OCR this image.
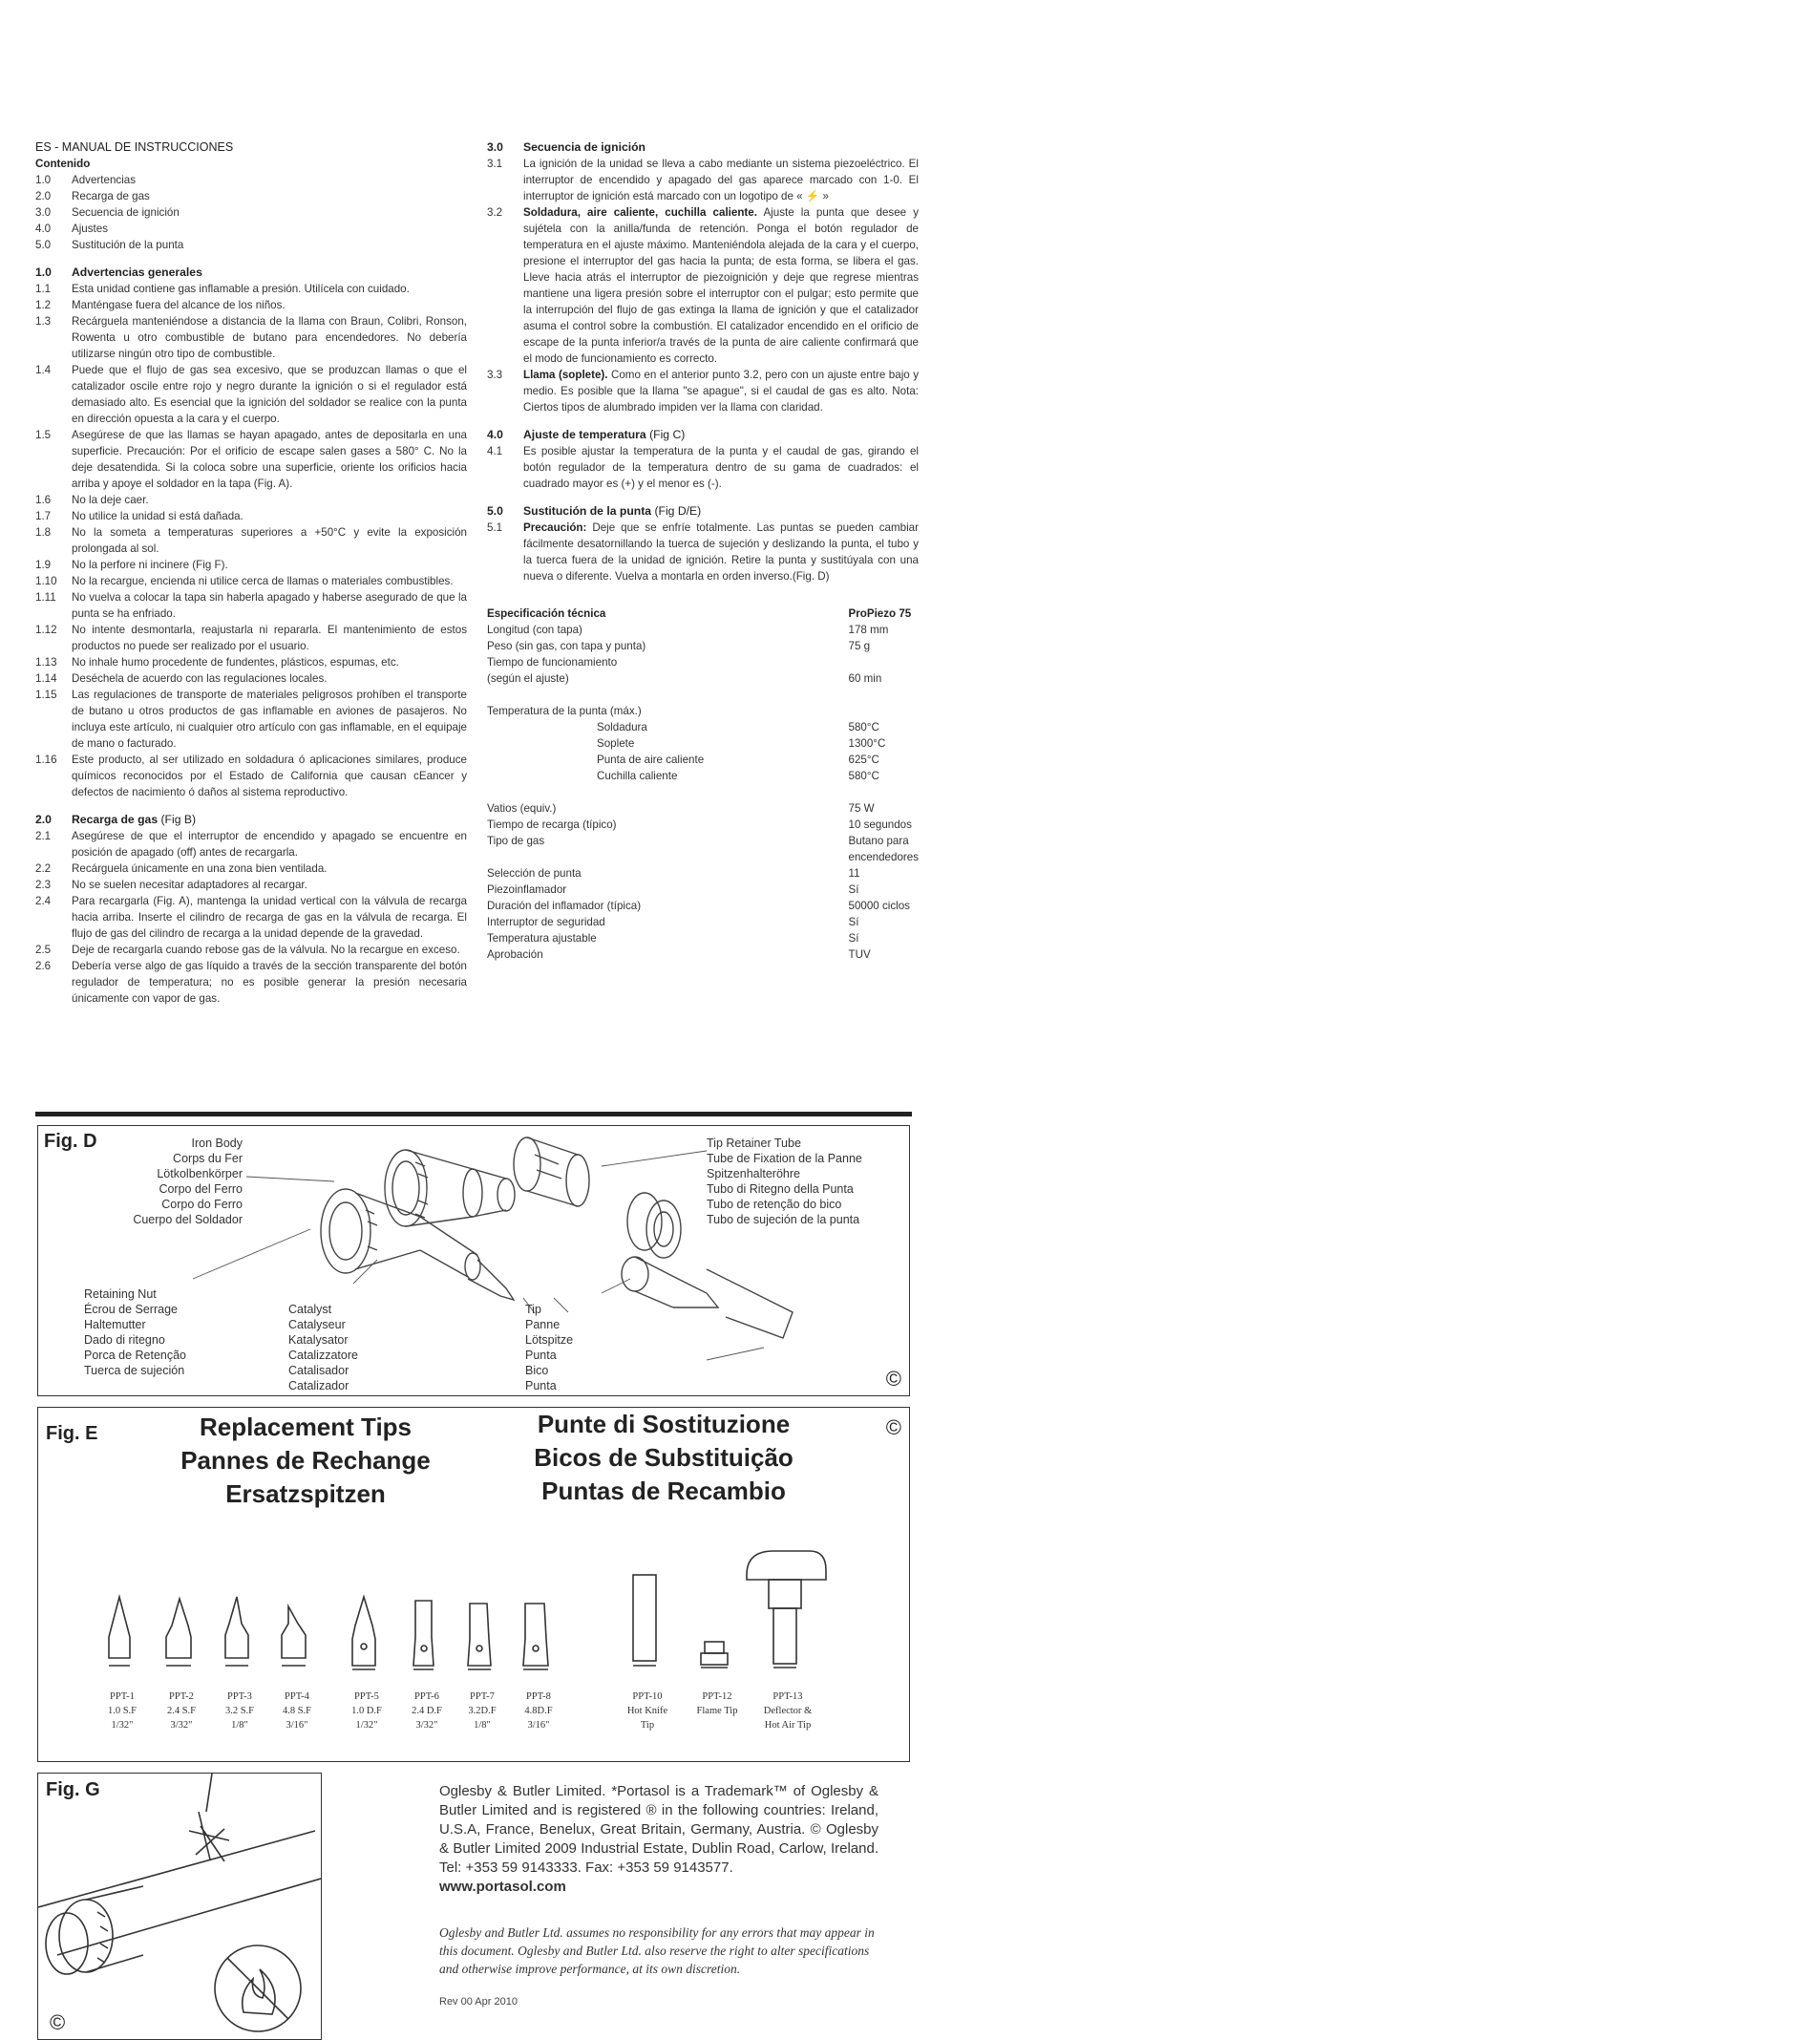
ES - MANUAL DE INSTRUCCIONES
Contenido
1.0 Advertencias
2.0 Recarga de gas
3.0 Secuencia de ignición
4.0 Ajustes
5.0 Sustitución de la punta
1.0 Advertencias generales
1.1 Esta unidad contiene gas inflamable a presión. Utilícela con cuidado.
1.2 Manténgase fuera del alcance de los niños.
1.3 Recárguela manteniéndose a distancia de la llama con Braun, Colibri, Ronson, Rowenta u otro combustible de butano para encendedores. No debería utilizarse ningún otro tipo de combustible.
1.4 Puede que el flujo de gas sea excesivo, que se produzcan llamas o que el catalizador oscile entre rojo y negro durante la ignición o si el regulador está demasiado alto. Es esencial que la ignición del soldador se realice con la punta en dirección opuesta a la cara y el cuerpo.
1.5 Asegúrese de que las llamas se hayan apagado, antes de depositarla en una superficie. Precaución: Por el orificio de escape salen gases a 580° C. No la deje desatendida. Si la coloca sobre una superficie, oriente los orificios hacia arriba y apoye el soldador en la tapa (Fig. A).
1.6 No la deje caer.
1.7 No utilice la unidad si está dañada.
1.8 No la someta a temperaturas superiores a +50°C y evite la exposición prolongada al sol.
1.9 No la perfore ni incinere (Fig F).
1.10 No la recargue, encienda ni utilice cerca de llamas o materiales combustibles.
1.11 No vuelva a colocar la tapa sin haberla apagado y haberse asegurado de que la punta se ha enfriado.
1.12 No intente desmontarla, reajustarla ni repararla. El mantenimiento de estos productos no puede ser realizado por el usuario.
1.13 No inhale humo procedente de fundentes, plásticos, espumas, etc.
1.14 Deséchela de acuerdo con las regulaciones locales.
1.15 Las regulaciones de transporte de materiales peligrosos prohíben el transporte de butano u otros productos de gas inflamable en aviones de pasajeros. No incluya este artículo, ni cualquier otro artículo con gas inflamable, en el equipaje de mano o facturado.
1.16 Este producto, al ser utilizado en soldadura ó aplicaciones similares, produce químicos reconocidos por el Estado de California que causan cEancer y defectos de nacimiento ó daños al sistema reproductivo.
2.0 Recarga de gas (Fig B)
2.1 Asegúrese de que el interruptor de encendido y apagado se encuentre en posición de apagado (off) antes de recargarla.
2.2 Recárguela únicamente en una zona bien ventilada.
2.3 No se suelen necesitar adaptadores al recargar.
2.4 Para recargarla (Fig. A), mantenga la unidad vertical con la válvula de recarga hacia arriba. Inserte el cilindro de recarga de gas en la válvula de recarga. El flujo de gas del cilindro de recarga a la unidad depende de la gravedad.
2.5 Deje de recargarla cuando rebose gas de la válvula. No la recargue en exceso.
2.6 Debería verse algo de gas líquido a través de la sección transparente del botón regulador de temperatura; no es posible generar la presión necesaria únicamente con vapor de gas.
3.0 Secuencia de ignición
3.1 La ignición de la unidad se lleva a cabo mediante un sistema piezoeléctrico. El interruptor de encendido y apagado del gas aparece marcado con 1-0. El interruptor de ignición está marcado con un logotipo de « ⚡ »
3.2 Soldadura, aire caliente, cuchilla caliente. Ajuste la punta que desee y sujétela con la anilla/funda de retención. Ponga el botón regulador de temperatura en el ajuste máximo. Manteniéndola alejada de la cara y el cuerpo, presione el interruptor del gas hacia la punta; de esta forma, se libera el gas. Lleve hacia atrás el interruptor de piezoignición y deje que regrese mientras mantiene una ligera presión sobre el interruptor con el pulgar; esto permite que la interrupción del flujo de gas extinga la llama de ignición y que el catalizador asuma el control sobre la combustión. El catalizador encendido en el orificio de escape de la punta inferior/a través de la punta de aire caliente confirmará que el modo de funcionamiento es correcto.
3.3 Llama (soplete). Como en el anterior punto 3.2, pero con un ajuste entre bajo y medio. Es posible que la llama "se apague", si el caudal de gas es alto. Nota: Ciertos tipos de alumbrado impiden ver la llama con claridad.
4.0 Ajuste de temperatura (Fig C)
4.1 Es posible ajustar la temperatura de la punta y el caudal de gas, girando el botón regulador de la temperatura dentro de su gama de cuadrados: el cuadrado mayor es (+) y el menor es (-).
5.0 Sustitución de la punta (Fig D/E)
5.1 Precaución: Deje que se enfríe totalmente. Las puntas se pueden cambiar fácilmente desatornillando la tuerca de sujeción y deslizando la punta, el tubo y la tuerca fuera de la unidad de ignición. Retire la punta y sustitúyala con una nueva o diferente. Vuelva a montarla en orden inverso.(Fig. D)
Especificación técnica	ProPiezo 75
Longitud (con tapa)	178 mm
Peso (sin gas, con tapa y punta)	75 g
Tiempo de funcionamiento	
(según el ajuste)	60 min

Temperatura de la punta (máx.)	
Soldadura	580°C
Soplete	1300°C
Punta de aire caliente	625°C
Cuchilla caliente	580°C

Vatios (equiv.)	75 W
Tiempo de recarga (típico)	10 segundos
Tipo de gas	Butano para encendedores
Selección de punta	11
Piezoinflamador	Sí
Duración del inflamador (típica)	50000 ciclos
Interruptor de seguridad	Sí
Temperatura ajustable	Sí
Aprobación	TUV
Fig. D	Iron Body
Corps du Fer
Lötkolbenkörper
Corpo del Ferro
Corpo do Ferro
Cuerpo del Soldador
Tip Retainer Tube
Tube de Fixation de la Panne
Spitzenhalteröhre
Tubo di Ritegno della Punta
Tubo de retenção do bico
Tubo de sujeción de la punta
Retaining Nut
Écrou de Serrage
Haltemutter
Dado di ritegno
Porca de Retenção
Tuerca de sujeción
Catalyst
Catalyseur
Katalysator
Catalizzatore
Catalisador
Catalizador
Tip
Panne
Lötspitze
Punta
Bico
Punta	©
Fig. E	Replacement Tips
Pannes de Rechange
Ersatzspitzen
Punte di Sostituzione
Bicos de Substituição
Puntas de Recambio
©
PPT-1
1.0 S.F
1/32"
PPT-2
2.4 S.F
3/32"
PPT-3
3.2 S.F
1/8"
PPT-4
4.8 S.F
3/16"
PPT-5
1.0 D.F
1/32"
PPT-6
2.4 D.F
3/32"
PPT-7
3.2D.F
1/8"
PPT-8
4.8D.F
3/16"
PPT-10
Hot Knife
Tip
PPT-12
Flame Tip
PPT-13
Deflector &
Hot Air Tip
Fig. G
©
Oglesby & Butler Limited. *Portasol is a Trademark™ of Oglesby & Butler Limited and is registered ® in the following countries: Ireland, U.S.A, France, Benelux, Great Britain, Germany, Austria. © Oglesby & Butler Limited 2009 Industrial Estate, Dublin Road, Carlow, Ireland. Tel: +353 59 9143333. Fax: +353 59 9143577.
www.portasol.com
Oglesby and Butler Ltd. assumes no responsibility for any errors that may appear in this document. Oglesby and Butler Ltd. also reserve the right to alter specifications and otherwise improve performance, at its own discretion.
Rev 00 Apr 2010
